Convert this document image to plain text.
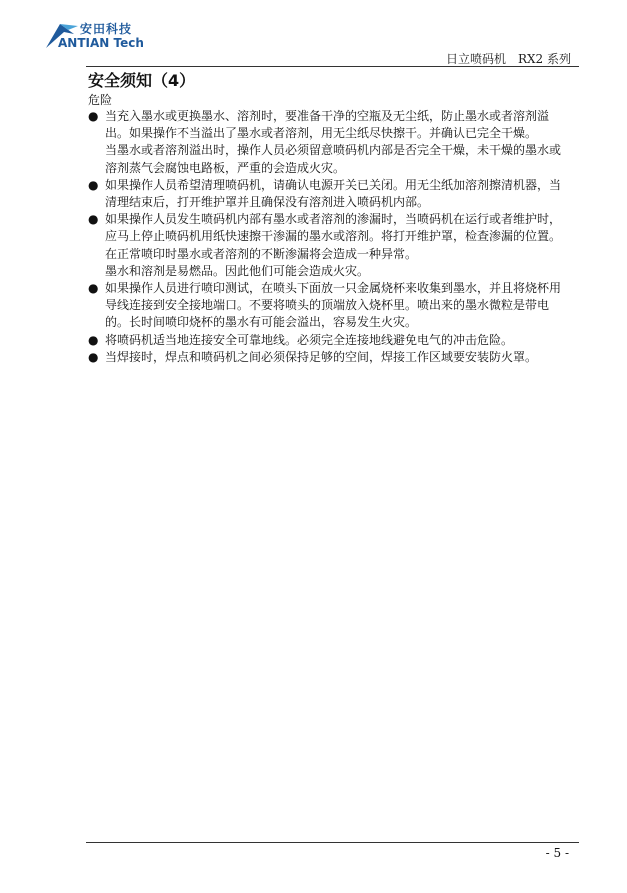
安田科技
ANTIAN Tech
日立喷码机　RX2 系列
安全须知（4）
危险
● 当充入墨水或更换墨水、溶剂时，要准备干净的空瓶及无尘纸，防止墨水或者溶剂溢出。如果操作不当溢出了墨水或者溶剂，用无尘纸尽快擦干。并确认已完全干燥。
当墨水或者溶剂溢出时，操作人员必须留意喷码机内部是否完全干燥，未干燥的墨水或溶剂蒸气会腐蚀电路板，严重的会造成火灾。
● 如果操作人员希望清理喷码机，请确认电源开关已关闭。用无尘纸加溶剂擦清机器，当清理结束后，打开维护罩并且确保没有溶剂进入喷码机内部。
● 如果操作人员发生喷码机内部有墨水或者溶剂的渗漏时，当喷码机在运行或者维护时，应马上停止喷码机用纸快速擦干渗漏的墨水或溶剂。将打开维护罩，检查渗漏的位置。
在正常喷印时墨水或者溶剂的不断渗漏将会造成一种异常。
墨水和溶剂是易燃品。因此他们可能会造成火灾。
● 如果操作人员进行喷印测试，在喷头下面放一只金属烧杯来收集到墨水，并且将烧杯用导线连接到安全接地端口。不要将喷头的顶端放入烧杯里。喷出来的墨水微粒是带电的。长时间喷印烧杯的墨水有可能会溢出，容易发生火灾。
● 将喷码机适当地连接安全可靠地线。必须完全连接地线避免电气的冲击危险。
● 当焊接时，焊点和喷码机之间必须保持足够的空间，焊接工作区域要安装防火罩。
- 5 -
